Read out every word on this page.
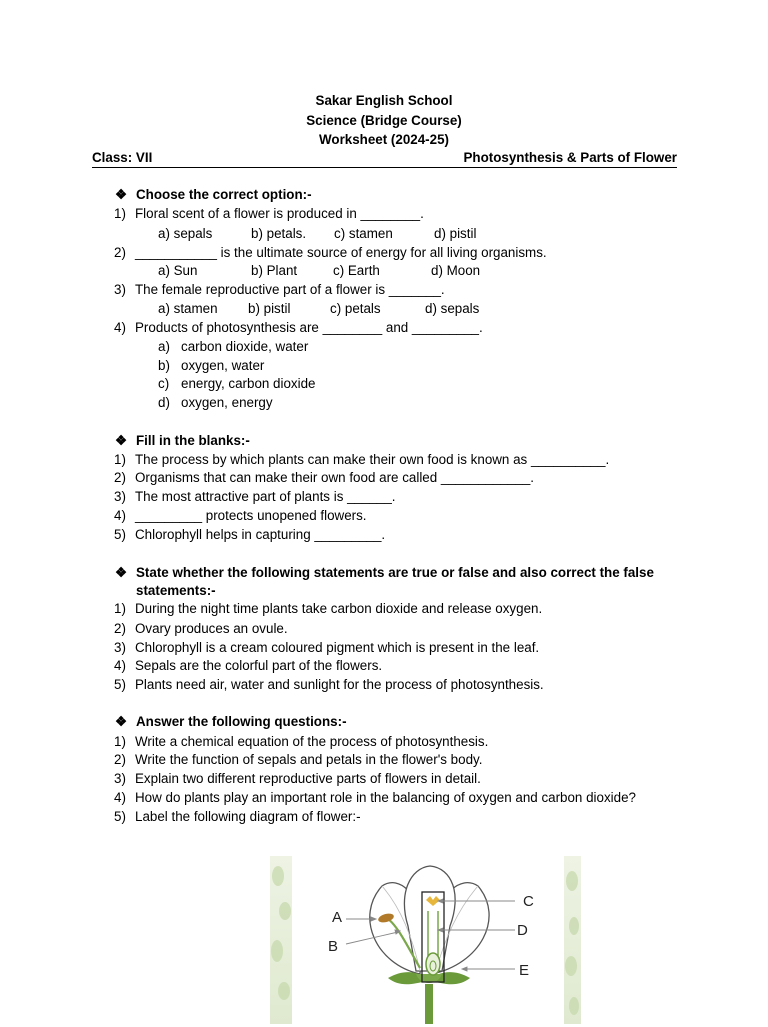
Sakar English School
Science (Bridge Course)
Worksheet (2024-25)
Class: VII	Photosynthesis & Parts of Flower
❖ Choose the correct option:-
1) Floral scent of a flower is produced in ________.
a) sepals	b) petals. c) stamen	d) pistil
2) ___________ is the ultimate source of energy for all living organisms.
a) Sun	b) Plant	c) Earth	d) Moon
3) The female reproductive part of a flower is _______.
a) stamen b) pistil	c) petals	d) sepals
4) Products of photosynthesis are ________ and _________.
a) carbon dioxide, water
b) oxygen, water
c) energy, carbon dioxide
d) oxygen, energy
❖ Fill in the blanks:-
1) The process by which plants can make their own food is known as __________.
2) Organisms that can make their own food are called ____________.
3) The most attractive part of plants is ______.
4) _________ protects unopened flowers.
5) Chlorophyll helps in capturing _________.
❖ State whether the following statements are true or false and also correct the false
statements:-
1) During the night time plants take carbon dioxide and release oxygen.
2) Ovary produces an ovule.
3) Chlorophyll is a cream coloured pigment which is present in the leaf.
4) Sepals are the colorful part of the flowers.
5) Plants need air, water and sunlight for the process of photosynthesis.
❖ Answer the following questions:-
1) Write a chemical equation of the process of photosynthesis.
2) Write the function of sepals and petals in the flower's body.
3) Explain two different reproductive parts of flowers in detail.
4) How do plants play an important role in the balancing of oxygen and carbon dioxide?
5) Label the following diagram of flower:-
A
B
C
D
E
